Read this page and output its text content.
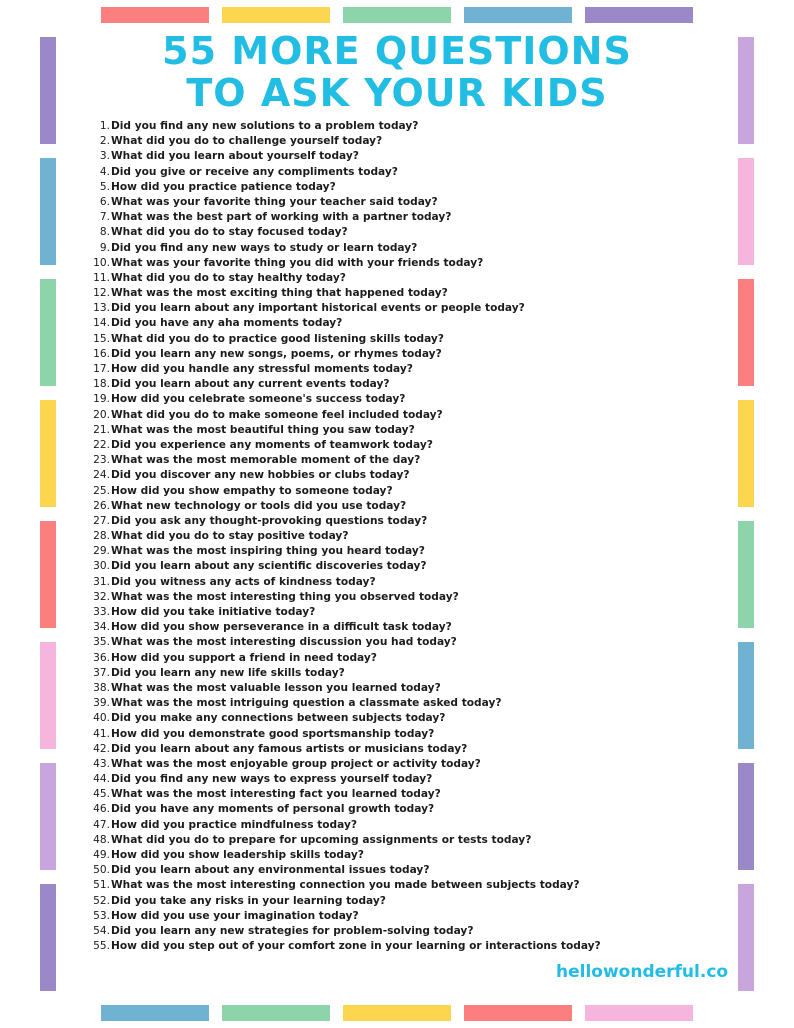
55 MORE QUESTIONS
TO ASK YOUR KIDS
1. Did you find any new solutions to a problem today?
2. What did you do to challenge yourself today?
3. What did you learn about yourself today?
4. Did you give or receive any compliments today?
5. How did you practice patience today?
6. What was your favorite thing your teacher said today?
7. What was the best part of working with a partner today?
8. What did you do to stay focused today?
9. Did you find any new ways to study or learn today?
10. What was your favorite thing you did with your friends today?
11. What did you do to stay healthy today?
12. What was the most exciting thing that happened today?
13. Did you learn about any important historical events or people today?
14. Did you have any aha moments today?
15. What did you do to practice good listening skills today?
16. Did you learn any new songs, poems, or rhymes today?
17. How did you handle any stressful moments today?
18. Did you learn about any current events today?
19. How did you celebrate someone's success today?
20. What did you do to make someone feel included today?
21. What was the most beautiful thing you saw today?
22. Did you experience any moments of teamwork today?
23. What was the most memorable moment of the day?
24. Did you discover any new hobbies or clubs today?
25. How did you show empathy to someone today?
26. What new technology or tools did you use today?
27. Did you ask any thought-provoking questions today?
28. What did you do to stay positive today?
29. What was the most inspiring thing you heard today?
30. Did you learn about any scientific discoveries today?
31. Did you witness any acts of kindness today?
32. What was the most interesting thing you observed today?
33. How did you take initiative today?
34. How did you show perseverance in a difficult task today?
35. What was the most interesting discussion you had today?
36. How did you support a friend in need today?
37. Did you learn any new life skills today?
38. What was the most valuable lesson you learned today?
39. What was the most intriguing question a classmate asked today?
40. Did you make any connections between subjects today?
41. How did you demonstrate good sportsmanship today?
42. Did you learn about any famous artists or musicians today?
43. What was the most enjoyable group project or activity today?
44. Did you find any new ways to express yourself today?
45. What was the most interesting fact you learned today?
46. Did you have any moments of personal growth today?
47. How did you practice mindfulness today?
48. What did you do to prepare for upcoming assignments or tests today?
49. How did you show leadership skills today?
50. Did you learn about any environmental issues today?
51. What was the most interesting connection you made between subjects today?
52. Did you take any risks in your learning today?
53. How did you use your imagination today?
54. Did you learn any new strategies for problem-solving today?
55. How did you step out of your comfort zone in your learning or interactions today?
hellowonderful.co
